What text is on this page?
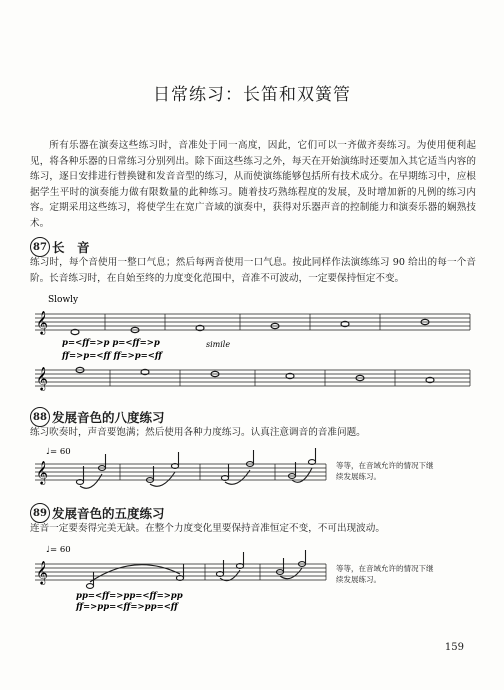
日常练习：长笛和双簧管
所有乐器在演奏这些练习时，音准处于同一高度，因此，它们可以一齐做齐奏练习。为使用便利起见，将各种乐器的日常练习分别列出。除下面这些练习之外，每天在开始演练时还要加入其它适当内容的练习，逐日安排进行替换键和发音音型的练习，从而使演练能够包括所有技术成分。在早期练习中，应根据学生平时的演奏能力做有限数量的此种练习。随着技巧熟练程度的发展，及时增加新的凡例的练习内容。定期采用这些练习，将使学生在宽广音域的演奏中，获得对乐器声音的控制能力和演奏乐器的娴熟技术。
87 长　音
练习时，每个音使用一整口气息；然后每两音使用一口气息。按此同样作法演练练习 90 给出的每一个音阶。长音练习时，在自始至终的力度变化范围中，音准不可波动，一定要保持恒定不变。
Slowly
𝄞
p=<ff=>p p=<ff=>p	simile
ff=>p=<ff ff=>p=<ff
𝄞
88 发展音色的八度练习
练习吹奏时，声音要饱满；然后使用各种力度练习。认真注意调音的音准问题。
♩= 60
𝄞	等等，在音域允许的情况下继续发展练习。
89 发展音色的五度练习
连音一定要奏得完美无缺。在整个力度变化里要保持音准恒定不变，不可出现波动。
♩= 60
𝄞
pp=<ff=>pp=<ff=>pp
ff=>pp=<ff=>pp=<ff
等等，在音域允许的情况下继续发展练习。
159
